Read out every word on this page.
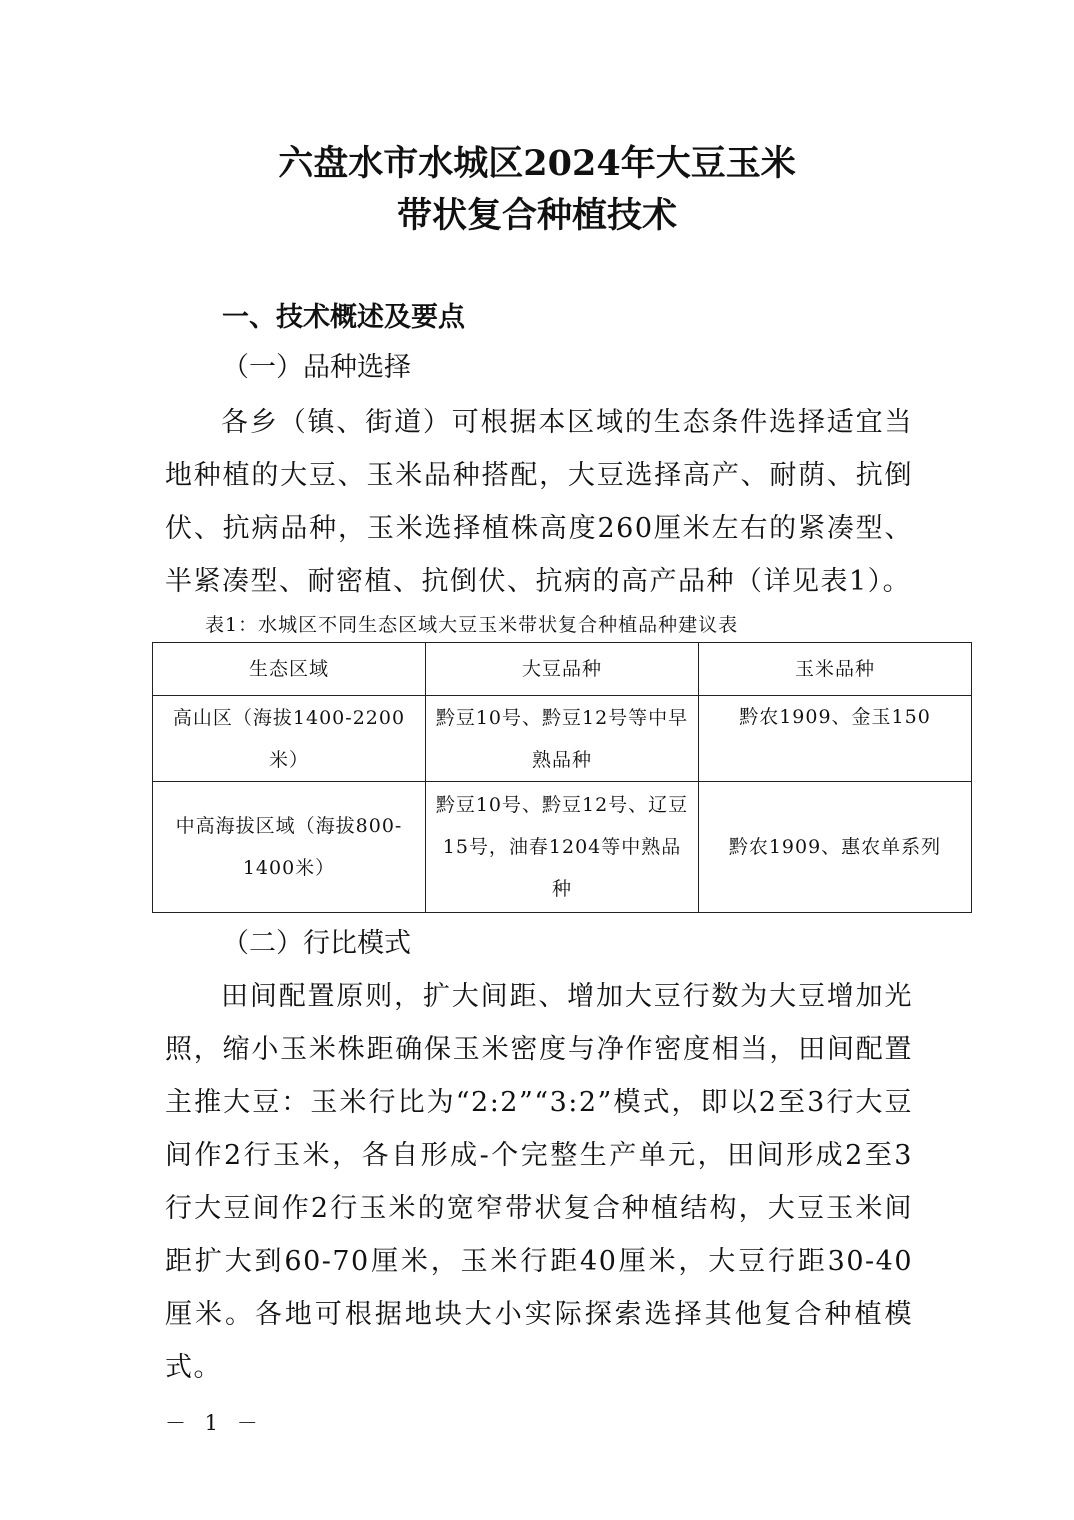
六盘水市水城区2024年大豆玉米
带状复合种植技术

一、技术概述及要点

（一）品种选择

各乡（镇、街道）可根据本区域的生态条件选择适宜当地种植的大豆、玉米品种搭配，大豆选择高产、耐荫、抗倒伏、抗病品种，玉米选择植株高度260厘米左右的紧凑型、半紧凑型、耐密植、抗倒伏、抗病的高产品种（详见表1）。

表1：水城区不同生态区域大豆玉米带状复合种植品种建议表

生态区域	大豆品种	玉米品种
高山区（海拔1400-2200米）	黔豆10号、黔豆12号等中早熟品种	黔农1909、金玉150
中高海拔区域（海拔800-1400米）	黔豆10号、黔豆12号、辽豆15号，油春1204等中熟品种	黔农1909、惠农单系列

（二）行比模式

田间配置原则，扩大间距、增加大豆行数为大豆增加光照，缩小玉米株距确保玉米密度与净作密度相当，田间配置主推大豆：玉米行比为“2:2”“3:2”模式，即以2至3行大豆间作2行玉米，各自形成-个完整生产单元，田间形成2至3行大豆间作2行玉米的宽窄带状复合种植结构，大豆玉米间距扩大到60-70厘米，玉米行距40厘米，大豆行距30-40厘米。各地可根据地块大小实际探索选择其他复合种植模式。

－ 1 －
